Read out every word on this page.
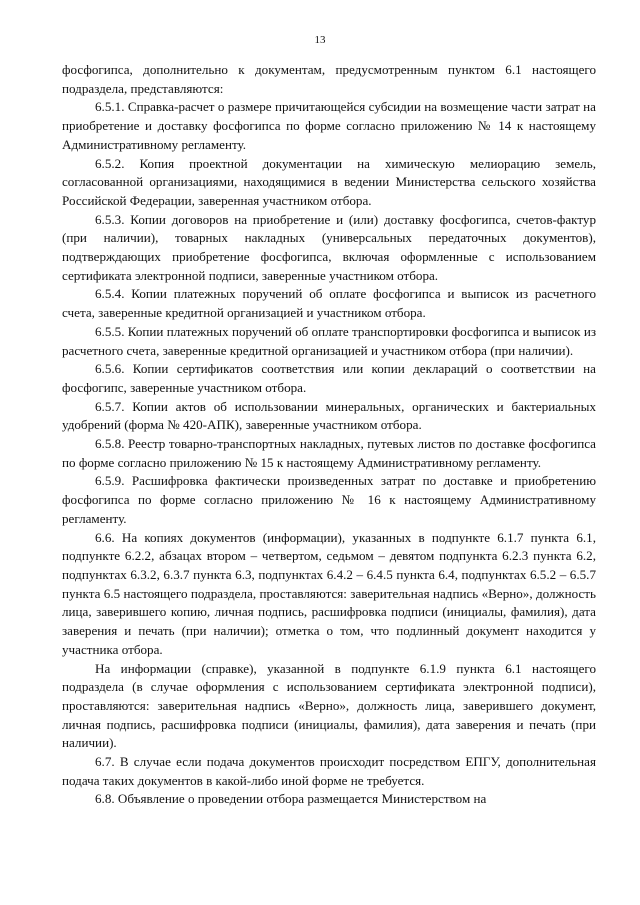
13

фосфогипса, дополнительно к документам, предусмотренным пунктом 6.1 настоящего подраздела, представляются:

6.5.1. Справка-расчет о размере причитающейся субсидии на возмещение части затрат на приобретение и доставку фосфогипса по форме согласно приложению № 14 к настоящему Административному регламенту.

6.5.2. Копия проектной документации на химическую мелиорацию земель, согласованной организациями, находящимися в ведении Министерства сельского хозяйства Российской Федерации, заверенная участником отбора.

6.5.3. Копии договоров на приобретение и (или) доставку фосфогипса, счетов-фактур (при наличии), товарных накладных (универсальных передаточных документов), подтверждающих приобретение фосфогипса, включая оформленные с использованием сертификата электронной подписи, заверенные участником отбора.

6.5.4. Копии платежных поручений об оплате фосфогипса и выписок из расчетного счета, заверенные кредитной организацией и участником отбора.

6.5.5. Копии платежных поручений об оплате транспортировки фосфогипса и выписок из расчетного счета, заверенные кредитной организацией и участником отбора (при наличии).

6.5.6. Копии сертификатов соответствия или копии деклараций о соответствии на фосфогипс, заверенные участником отбора.

6.5.7. Копии актов об использовании минеральных, органических и бактериальных удобрений (форма № 420-АПК), заверенные участником отбора.

6.5.8. Реестр товарно-транспортных накладных, путевых листов по доставке фосфогипса по форме согласно приложению № 15 к настоящему Административному регламенту.

6.5.9. Расшифровка фактически произведенных затрат по доставке и приобретению фосфогипса по форме согласно приложению № 16 к настоящему Административному регламенту.

6.6. На копиях документов (информации), указанных в подпункте 6.1.7 пункта 6.1, подпункте 6.2.2, абзацах втором – четвертом, седьмом – девятом подпункта 6.2.3 пункта 6.2, подпунктах 6.3.2, 6.3.7 пункта 6.3, подпунктах 6.4.2 – 6.4.5 пункта 6.4, подпунктах 6.5.2 – 6.5.7 пункта 6.5 настоящего подраздела, проставляются: заверительная надпись «Верно», должность лица, заверившего копию, личная подпись, расшифровка подписи (инициалы, фамилия), дата заверения и печать (при наличии); отметка о том, что подлинный документ находится у участника отбора.

На информации (справке), указанной в подпункте 6.1.9 пункта 6.1 настоящего подраздела (в случае оформления с использованием сертификата электронной подписи), проставляются: заверительная надпись «Верно», должность лица, заверившего документ, личная подпись, расшифровка подписи (инициалы, фамилия), дата заверения и печать (при наличии).

6.7. В случае если подача документов происходит посредством ЕПГУ, дополнительная подача таких документов в какой-либо иной форме не требуется.

6.8. Объявление о проведении отбора размещается Министерством на
